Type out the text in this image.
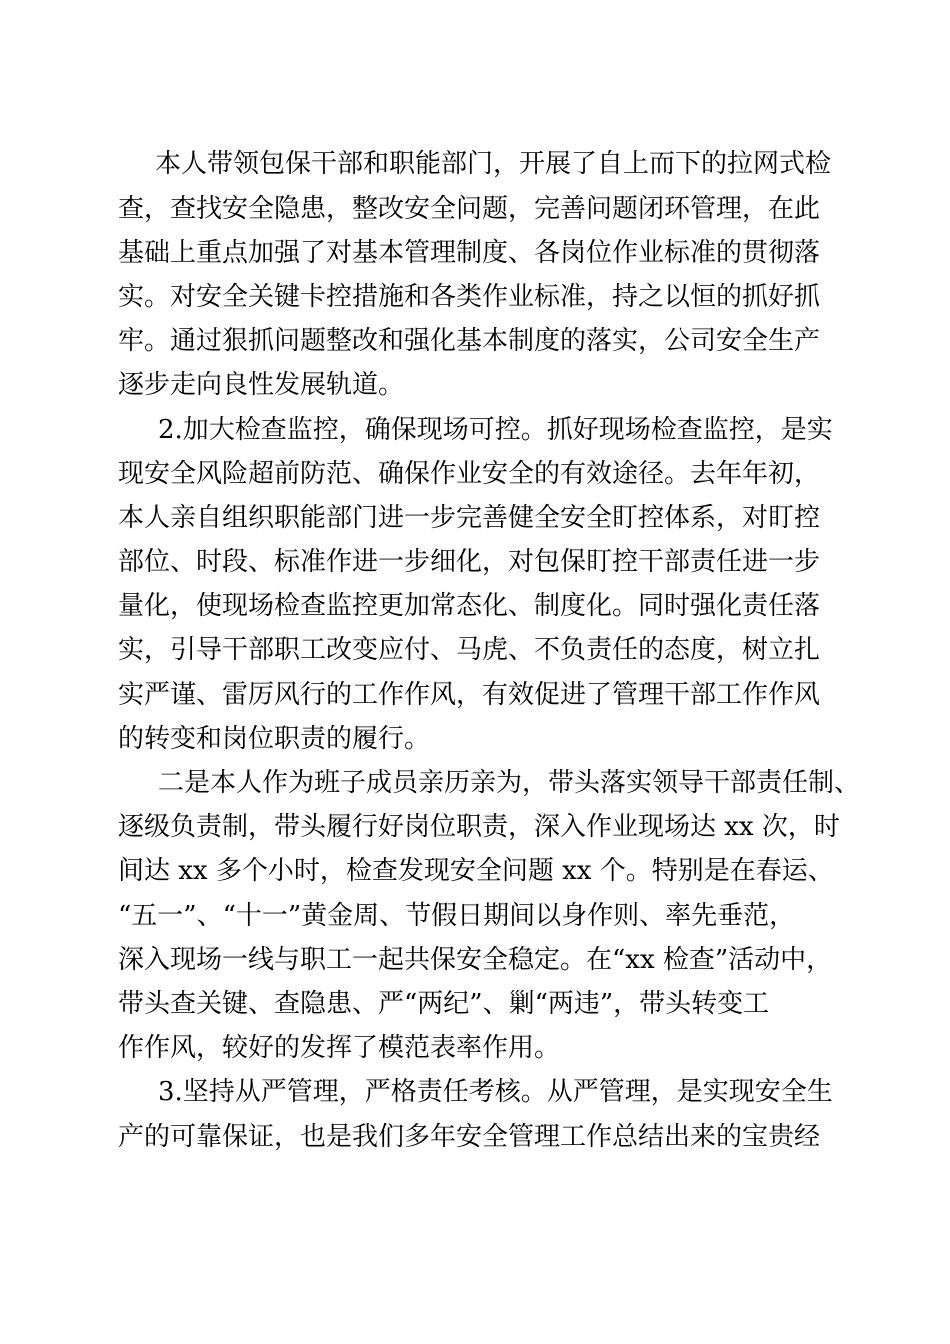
本人带领包保干部和职能部门，开展了自上而下的拉网式检
查，查找安全隐患，整改安全问题，完善问题闭环管理，在此
基础上重点加强了对基本管理制度、各岗位作业标准的贯彻落
实。对安全关键卡控措施和各类作业标准，持之以恒的抓好抓
牢。通过狠抓问题整改和强化基本制度的落实，公司安全生产
逐步走向良性发展轨道。
2.加大检查监控，确保现场可控。抓好现场检查监控，是实
现安全风险超前防范、确保作业安全的有效途径。去年年初，
本人亲自组织职能部门进一步完善健全安全盯控体系，对盯控
部位、时段、标准作进一步细化，对包保盯控干部责任进一步
量化，使现场检查监控更加常态化、制度化。同时强化责任落
实，引导干部职工改变应付、马虎、不负责任的态度，树立扎
实严谨、雷厉风行的工作作风，有效促进了管理干部工作作风
的转变和岗位职责的履行。
二是本人作为班子成员亲历亲为，带头落实领导干部责任制、
逐级负责制，带头履行好岗位职责，深入作业现场达 xx 次，时
间达 xx 多个小时，检查发现安全问题 xx 个。特别是在春运、
“五一”、“十一”黄金周、节假日期间以身作则、率先垂范，
深入现场一线与职工一起共保安全稳定。在“xx 检查”活动中，
带头查关键、查隐患、严“两纪”、剿“两违”，带头转变工
作作风，较好的发挥了模范表率作用。
3.坚持从严管理，严格责任考核。从严管理，是实现安全生
产的可靠保证，也是我们多年安全管理工作总结出来的宝贵经
